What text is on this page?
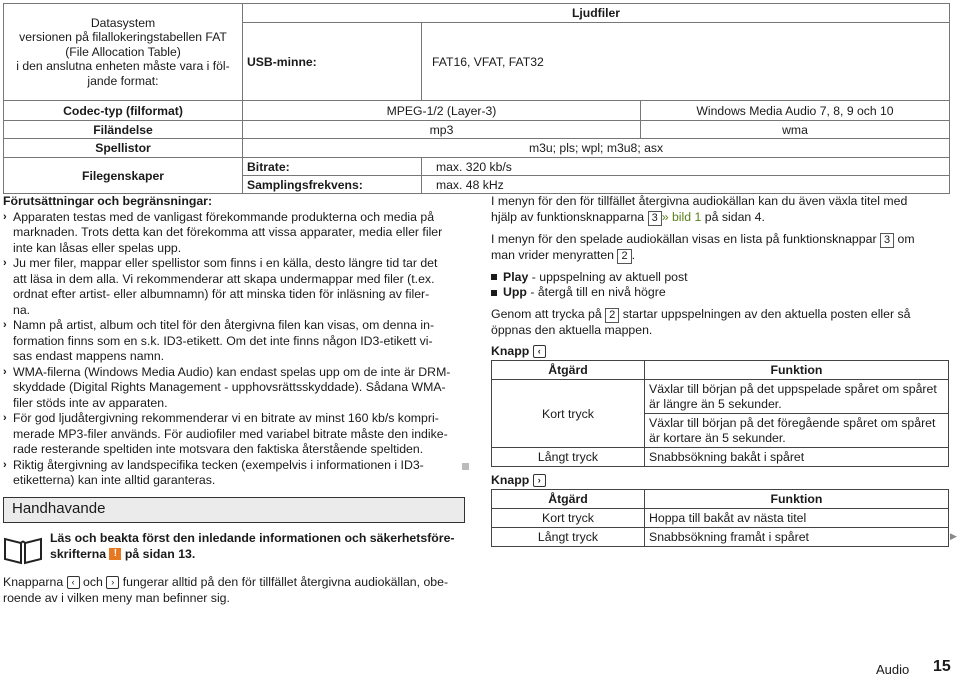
Datasystem
versionen på filallokeringstabellen FAT
(File Allocation Table)
i den anslutna enheten måste vara i föl-
jande format:	Ljudfiler		
	USB-minne:	FAT16, VFAT, FAT32	
Codec-typ (filformat)	MPEG-1/2 (Layer-3)		Windows Media Audio 7, 8, 9 och 10
Filändelse	mp3		wma
Spellistor	m3u; pls; wpl; m3u8; asx		
Filegenskaper	Bitrate:	max. 320 kb/s	
	Samplingsfrekvens:	max. 48 kHz	

Förutsättningar och begränsningar:

› Apparaten testas med de vanligast förekommande produkterna och media på

marknaden. Trots detta kan det förekomma att vissa apparater, media eller filer

inte kan låsas eller spelas upp.

› Ju mer filer, mappar eller spellistor som finns i en källa, desto längre tid tar det

att läsa in dem alla. Vi rekommenderar att skapa undermappar med filer (t.ex.

ordnat efter artist- eller albumnamn) för att minska tiden för inläsning av filer-

na.

› Namn på artist, album och titel för den återgivna filen kan visas, om denna in-

formation finns som en s.k. ID3-etikett. Om det inte finns någon ID3-etikett vi-

sas endast mappens namn.

› WMA-filerna (Windows Media Audio) kan endast spelas upp om de inte är DRM-

skyddade (Digital Rights Management - upphovsrättsskyddade). Sådana WMA-

filer stöds inte av apparaten.

› För god ljudåtergivning rekommenderar vi en bitrate av minst 160 kb/s kompri-

merade MP3-filer används. För audiofiler med variabel bitrate måste den indike-

rade resterande speltiden inte motsvara den faktiska återstående speltiden.

› Riktig återgivning av landspecifika tecken (exempelvis i informationen i ID3-

etiketterna) kan inte alltid garanteras.

Handhavande

Läs och beakta först den inledande informationen och säkerhetsföre-

skrifterna ! på sidan 13.

Knapparna ‹ och › fungerar alltid på den för tillfället återgivna audiokällan, obe-

roende av i vilken meny man befinner sig.

I menyn för den för tillfället återgivna audiokällan kan du även växla titel med

hjälp av funktionsknapparna 3 » bild 1 på sidan 4.

I menyn för den spelade audiokällan visas en lista på funktionsknappar 3 om

man vrider menyratten 2 .

Play - uppspelning av aktuell post

Upp - återgå till en nivå högre

Genom att trycka på 2 startar uppspelningen av den aktuella posten eller så

öppnas den aktuella mappen.

Knapp ‹

Åtgärd	Funktion
Kort tryck	Växlar till början på det uppspelade spåret om spåret
är längre än 5 sekunder.

	Växlar till början på det föregående spåret om spåret
är kortare än 5 sekunder.

Långt tryck	Snabbsökning bakåt i spåret
Knapp ›
Åtgärd	Funktion
Kort tryck	Hoppa till bakåt av nästa titel
Långt tryck	Snabbsökning framåt i spåret	▶
Audio 15
